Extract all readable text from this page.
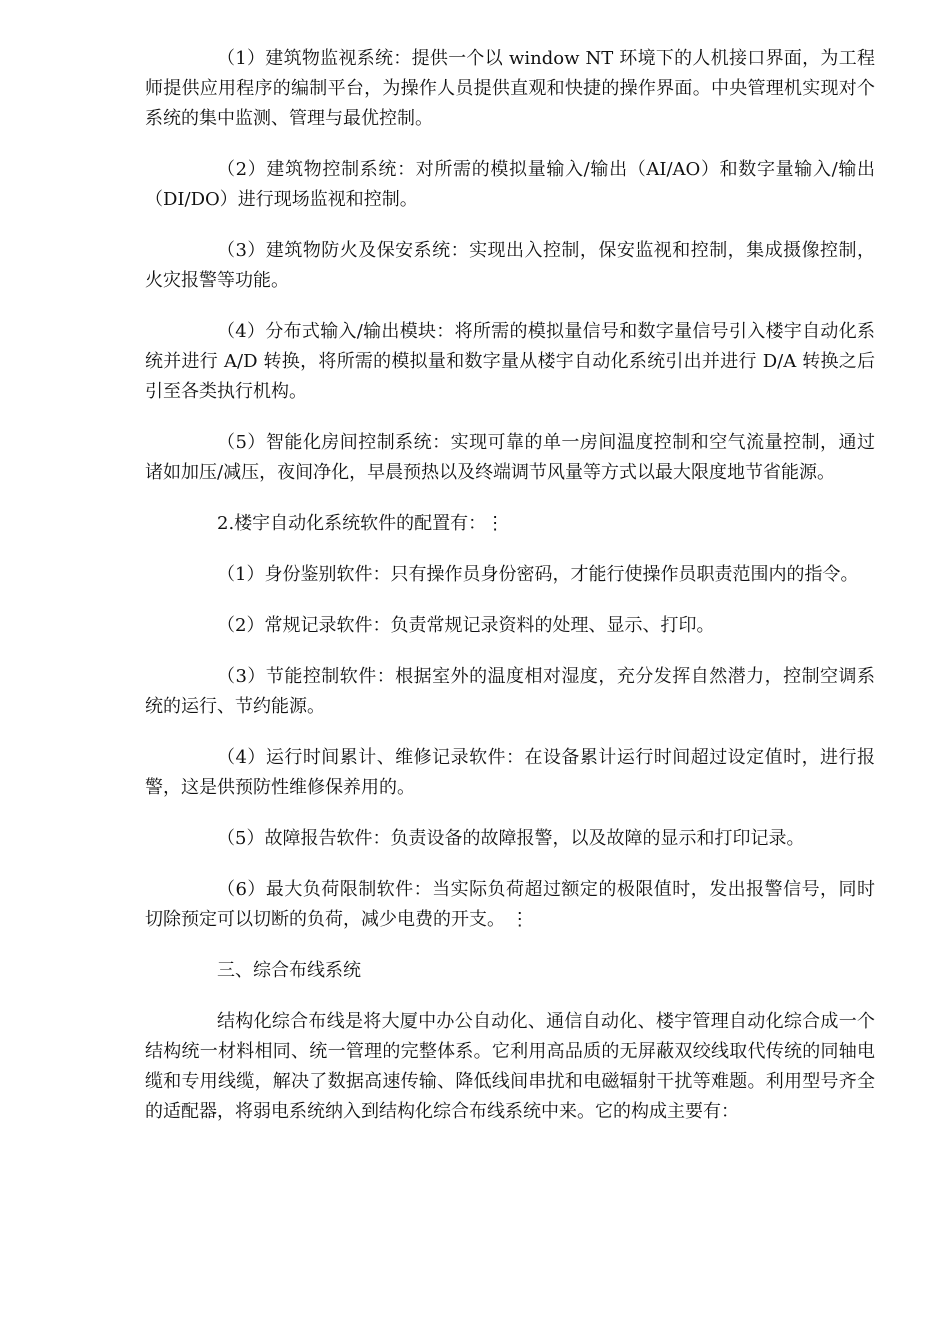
（1）建筑物监视系统：提供一个以 window NT 环境下的人机接口界面，为工程师提供应用程序的编制平台，为操作人员提供直观和快捷的操作界面。中央管理机实现对个系统的集中监测、管理与最优控制。

（2）建筑物控制系统：对所需的模拟量输入/输出（AI/AO）和数字量输入/输出（DI/DO）进行现场监视和控制。

（3）建筑物防火及保安系统：实现出入控制，保安监视和控制，集成摄像控制，火灾报警等功能。

（4）分布式输入/输出模块：将所需的模拟量信号和数字量信号引入楼宇自动化系统并进行 A/D 转换，将所需的模拟量和数字量从楼宇自动化系统引出并进行 D/A 转换之后引至各类执行机构。

（5）智能化房间控制系统：实现可靠的单一房间温度控制和空气流量控制，通过诸如加压/减压，夜间净化，早晨预热以及终端调节风量等方式以最大限度地节省能源。

2.楼宇自动化系统软件的配置有：⋮

（1）身份鉴别软件：只有操作员身份密码，才能行使操作员职责范围内的指令。

（2）常规记录软件：负责常规记录资料的处理、显示、打印。

（3）节能控制软件：根据室外的温度相对湿度，充分发挥自然潜力，控制空调系统的运行、节约能源。

（4）运行时间累计、维修记录软件：在设备累计运行时间超过设定值时，进行报警，这是供预防性维修保养用的。

（5）故障报告软件：负责设备的故障报警，以及故障的显示和打印记录。

（6）最大负荷限制软件：当实际负荷超过额定的极限值时，发出报警信号，同时切除预定可以切断的负荷，减少电费的开支。 ⋮

三、综合布线系统

结构化综合布线是将大厦中办公自动化、通信自动化、楼宇管理自动化综合成一个结构统一材料相同、统一管理的完整体系。它利用高品质的无屏蔽双绞线取代传统的同轴电缆和专用线缆，解决了数据高速传输、降低线间串扰和电磁辐射干扰等难题。利用型号齐全的适配器，将弱电系统纳入到结构化综合布线系统中来。它的构成主要有：
